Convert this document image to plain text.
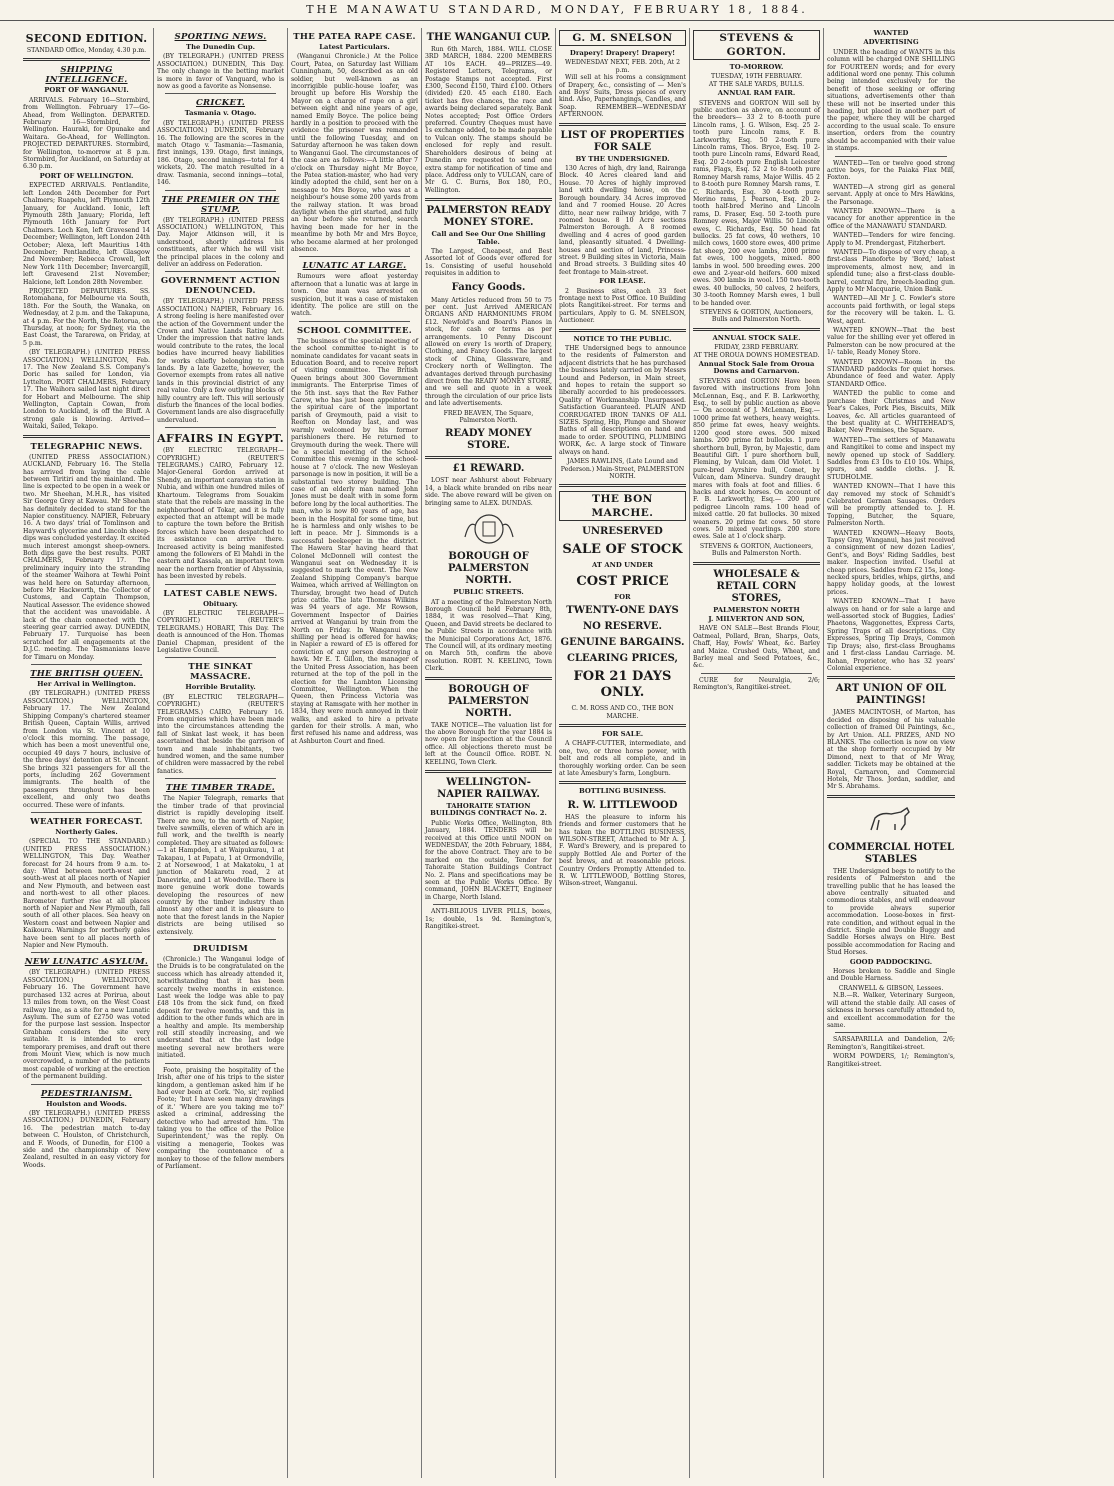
THE MANAWATU STANDARD, MONDAY, FEBRUARY 18, 1884.
SECOND EDITION.
STANDARD Office, Monday, 4.30 p.m.
SHIPPING INTELLIGENCE.
PORT OF WANGANUI.

ARRIVALS. February 16—Stormbird, from Wellington. February 17—Go-Ahead, from Wellington. DEPARTED. February 16—Stormbird, for Wellington. Hauraki, for Opunake and Waitara. Go-Ahead, for Wellington. PROJECTED DEPARTURES. Stormbird, for Wellington, to-morrow at 8 p.m. Stormbird, for Auckland, on Saturday at 6.30 p.m.

PORT OF WELLINGTON.

EXPECTED ARRIVALS. Pentlandite, left London 24th December for Port Chalmers; Ruapehu, left Plymouth 12th January, for Auckland. Ionic, left Plymouth 28th January; Florida, left Plymouth 16th January for Port Chalmers. Loch Ken, left Gravesend 14 December; Wellington, left London 24th October; Alexa, left Mauritius 14th December; Pentlandite, left Glasgow 2nd November; Rebecca Crowell, left New York 11th December; Invercargill, left Gravesend 21st November; Halcione, left London 28th November.

PROJECTED DEPARTURES. SS. Rotomahana, for Melbourne via South, 18th. For the South, the Wanaka, on Wednesday, at 2 p.m. and the Takapuna, at 4 p.m. For the North, the Rotorua, on Thursday, at noon; for Sydney, via the East Coast, the Tararewa, on Friday, at 5 p.m.

(BY TELEGRAPH.) (UNITED PRESS ASSOCIATION.) WELLINGTON, Feb. 17. The New Zealand S.S. Company's Doric has sailed for London, via Lyttelton. PORT CHALMERS, February 17. The Waihora sailed last night direct for Hobart and Melbourne. The ship Wellington, Captain Cowan, from London to Auckland, is off the Bluff. A strong gale is blowing. Arrived—Waitaki, Sailed, Tekapo.

TELEGRAPHIC NEWS.

(UNITED PRESS ASSOCIATION.) AUCKLAND, February 16. The Stella has arrived from laying the cable between Tiritiri and the mainland. The line is expected to be open in a week or two. Mr Sheehan, M.H.R., has visited Sir George Grey at Kawau. Mr Sheehan has definitely decided to stand for the Napier constituency. NAPIER, February 16. A two days' trial of Tomlinson and Hayward's glycerine and Lincoln sheep-dips was concluded yesterday. It excited much interest amongst sheep-owners. Both dips gave the best results. PORT CHALMERS, February 17. The preliminary inquiry into the stranding of the steamer Waihora at Tewhi Point was held here on Saturday afternoon, before Mr Hackworth, the Collector of Customs, and Captain Thompson, Nautical Assessor. The evidence showed that the accident was unavoidable. A lack of the chain connected with the steering gear carried away. DUNEDIN, February 17. Turquoise has been scratched for all engagements at the D.J.C. meeting. The Tasmanians leave for Timaru on Monday.

THE BRITISH QUEEN.
Her Arrival in Wellington.

(BY TELEGRAPH.) (UNITED PRESS ASSOCIATION.) WELLINGTON, February 17. The New Zealand Shipping Company's chartered steamer British Queen, Captain Willis, arrived from London via St. Vincent at 10 o'clock this morning. The passage, which has been a most uneventful one, occupied 49 days 7 hours, inclusive of the three days' detention at St. Vincent. She brings 321 passengers for all the ports, including 262 Government immigrants. The health of the passengers throughout has been excellent, and only two deaths occurred. These were of infants.

WEATHER FORECAST.
Northerly Gales.

(SPECIAL TO THE STANDARD.) (UNITED PRESS ASSOCIATION.) WELLINGTON, This Day. Weather forecast for 24 hours from 9 a.m. to-day: Wind between north-west and south-west at all places north of Napier and New Plymouth, and between east and north-west to all other places. Barometer further rise at all places north of Napier and New Plymouth, fall south of all other places. Sea heavy on Western coast and between Napier and Kaikoura. Warnings for northerly gales have been sent to all places north of Napier and New Plymouth.

NEW LUNATIC ASYLUM.

(BY TELEGRAPH.) (UNITED PRESS ASSOCIATION.) WELLINGTON, February 16. The Government have purchased 132 acres at Porirua, about 13 miles from town, on the West Coast railway line, as a site for a new Lunatic Asylum. The sum of £2750 was voted for the purpose last session. Inspector Grabham considers the site very suitable. It is intended to erect temporary premises, and draft out there from Mount View, which is now much overcrowded, a number of the patients most capable of working at the erection of the permanent building.

PEDESTRIANISM.
Houlston and Woods.

(BY TELEGRAPH.) (UNITED PRESS ASSOCIATION.) DUNEDIN, February 16. The pedestrian match to-day between C. Houlston, of Christchurch, and F. Woods, of Dunedin, for £100 a side and the championship of New Zealand, resulted in an easy victory for Woods.

SPORTING NEWS.
The Dunedin Cup.

(BY TELEGRAPH.) (UNITED PRESS ASSOCIATION.) DUNEDIN, This Day. The only change in the betting market is more in favor of Vanguard, who is now as good a favorite as Nonsense.

CRICKET.
Tasmania v. Otago.

(BY TELEGRAPH.) (UNITED PRESS ASSOCIATION.) DUNEDIN, February 16. The following are the scores in the match Otago v. Tasmania:—Tasmania, first innings, 139. Otago, first innings, 186. Otago, second innings—total for 4 wickets, 20. The match resulted in a draw. Tasmania, second innings—total, 146.

THE PREMIER ON THE STUMP.

(BY TELEGRAPH.) (UNITED PRESS ASSOCIATION.) WELLINGTON, This Day. Major Atkinson will, it is understood, shortly address his constituents, after which he will visit the principal places in the colony and deliver an address on Federation.

GOVERNMENT ACTION DENOUNCED.

(BY TELEGRAPH.) (UNITED PRESS ASSOCIATION.) NAPIER, February 16. A strong feeling is here manifested over the action of the Government under the Crown and Native Lands Rating Act. Under the impression that native lands would contribute to the rates, the local bodies have incurred heavy liabilities for works chiefly belonging to such lands. By a late Gazette, however, the Governor exempts from rates all native lands in this provincial district of any real value. Only a few outlying blocks of hilly country are left. This will seriously disturb the finances of the local bodies. Government lands are also disgracefully undervalued.

AFFAIRS IN EGYPT.

(BY ELECTRIC TELEGRAPH—COPYRIGHT.) (REUTER'S TELEGRAMS.) CAIRO, February 12. Major-General Gordon arrived at Shendy, an important caravan station in Nubia, and within one hundred miles of Khartoum. Telegrams from Souakim state that the rebels are massing in the neighbourhood of Tokar, and it is fully expected that an attempt will be made to capture the town before the British forces which have been despatched to its assistance can arrive there. Increased activity is being manifested among the followers of El Mahdi in the eastern and Kassala, an important town near the northern frontier of Abyssinia, has been invested by rebels.

LATEST CABLE NEWS.
Obituary.

(BY ELECTRIC TELEGRAPH—COPYRIGHT.) (REUTER'S TELEGRAMS.) HOBART, This Day. The death is announced of the Hon. Thomas Daniel Chapman, president of the Legislative Council.

THE SINKAT MASSACRE.
Horrible Brutality.

(BY ELECTRIC TELEGRAPH—COPYRIGHT.) (REUTER'S TELEGRAMS.) CAIRO, February 16. From enquiries which have been made into the circumstances attending the fall of Sinkat last week, it has been ascertained that beside the garrison of town and male inhabitants, two hundred women, and the same number of children were massacred by the rebel fanatics.

THE TIMBER TRADE.

The Napier Telegraph, remarks that the timber trade of that provincial district is rapidly developing itself. There are now, to the north of Napier, twelve sawmills, eleven of which are in full work, and the twelfth is nearly completed. They are situated as follows:—1 at Hampden, 1 at Waipukurau, 1 at Takapau, 1 at Papatu, 1 at Ormondville, 2 at Norsewood, 1 at Makatoku, 1 at junction of Makaretu road, 2 at Danevirke, and 1 at Woodville. There is more genuine work done towards developing the resources of new country by the timber industry than almost any other and it is pleasure to note that the forest lands in the Napier districts are being utilised so extensively.

DRUIDISM

(Chronicle.) The Wanganui lodge of the Druids is to be congratulated on the success which has already attended it, notwithstanding that it has been scarcely twelve months in existence. Last week the lodge was able to pay £48 10s from the sick fund, on fixed deposit for twelve months, and this in addition to the other funds which are in a healthy and ample. Its membership roll still steadily increasing, and we understand that at the last lodge meeting several new brothers were initiated.

Foote, praising the hospitality of the Irish, after one of his trips to the sister kingdom, a gentleman asked him if he had ever been at Cork. 'No, sir,' replied Foote; 'but I have seen many drawings of it.' 'Where are you taking me to?' asked a criminal, addressing the detective who had arrested him. 'I'm taking you to the office of the Police Superintendent,' was the reply. On visiting a menagerie, Tookes was comparing the countenance of a monkey to those of the fellow members of Parliament.

THE PATEA RAPE CASE.
Latest Particulars.

(Wanganui Chronicle.) At the Police Court, Patea, on Saturday last William Cunningham, 50, described as an old soldier, but well-known as an incorrigible public-house loafer, was brought up before His Worship the Mayor on a charge of rape on a girl between eight and nine years of age, named Emily Boyce. The police being hardly in a position to proceed with the evidence the prisoner was remanded until the following Tuesday, and on Saturday afternoon he was taken down to Wanganui Gaol. The circumstances of the case are as follows:—A little after 7 o'clock on Thursday night Mr Boyce, the Patea station-master, who had very kindly adopted the child, sent her on a message to Mrs Boyce, who was at a neighbour's house some 200 yards from the railway station. It was broad daylight when the girl started, and fully an hour before she returned, search having been made for her in the meantime by both Mr and Mrs Boyce, who became alarmed at her prolonged absence.

LUNATIC AT LARGE.

Rumours were afloat yesterday afternoon that a lunatic was at large in town. One man was arrested on suspicion, but it was a case of mistaken identity. The police are still on the watch.

SCHOOL COMMITTEE.

The business of the special meeting of the school committee to-night is to nominate candidates for vacant seats in Education Board, and to receive report of visiting committee. The British Queen brings about 300 Government immigrants. The Enterprise Times of the 5th inst. says that the Rev Father Carew, who has just been appointed to the spiritual care of the important parish of Greymouth, paid a visit to Reefton on Monday last, and was warmly welcomed by his former parishioners there. He returned to Greymouth during the week. There will be a special meeting of the School Committee this evening in the school-house at 7 o'clock. The new Wesleyan parsonage is now in position, it will be a substantial two storey building. The case of an elderly man named John Jones must be dealt with in some form before long by the local authorities. The man, who is now 80 years of age, has been in the Hospital for some time, but he is harmless and only wishes to be left in peace. Mr J. Simmonds is a successful beekeeper in the district. The Hawera Star having heard that Colonel McDonnell will contest the Wanganui seat on Wednesday it is suggested to mark the event. The New Zealand Shipping Company's barque Waimea, which arrived at Wellington on Thursday, brought two head of Dutch prize cattle. The late Thomas Wilkins was 94 years of age. Mr Rowson, Government Inspector of Dairies arrived at Wanganui by train from the North on Friday. In Wanganui one shilling per head is offered for hawks; in Napier a reward of £5 is offered for conviction of any person destroying a hawk. Mr E. T. Gillon, the manager of the United Press Association, has been returned at the top of the poll in the election for the Lambton Licensing Committee, Wellington. When the Queen, then Princess Victoria was staying at Ramsgate with her mother in 1834, they were much annoyed in their walks, and asked to hire a private garden for their strolls. A man, who first refused his name and address, was at Ashburton Court and fined.

THE WANGANUI CUP.

Run 6th March, 1884. WILL CLOSE 3RD MARCH, 1884. 2200 MEMBERS AT 10s EACH. 49—PRIZES—49. Registered Letters, Telegrams, or Postage Stamps not accepted. First £300, Second £150, Third £100. Others (divided) £20. 45 each £180. Each ticket has five chances, the race and awards being declared separately. Bank Notes accepted; Post Office Orders preferred. Country Cheques must have 1s exchange added, to be made payable to Vulcan only. The stamps should be enclosed for reply and result. Shareholders desirous of being at Dunedin are requested to send one extra stamp for notification of time and place. Address only to VULCAN, care of Mr G. C. Burns, Box 180, P.O., Wellington.

PALMERSTON READY MONEY STORE.
Call and See Our One Shilling Table.

The Largest, Cheapest, and Best Assorted lot of Goods ever offered for 1s. Consisting of useful household requisites in addition to

Fancy Goods.

Many Articles reduced from 50 to 75 per cent. Just Arrived AMERICAN ORGANS AND HARMONIUMS FROM £12. Newfold's and Board's Pianos in stock, for cash or terms as per arrangements. 10 Penny Discount allowed on every 1s worth of Drapery, Clothing, and Fancy Goods. The largest stock of China, Glassware, and Crockery north of Wellington. The advantages derived through purchasing direct from the READY MONEY STORE, and we sell and quote in a week through the circulation of our price lists and late advertisements.

FRED BEAVEN, The Square, Palmerston North.
READY MONEY STORE.
£1 REWARD.

LOST near Ashhurst about February 14, a black white branded on ribs near side. The above reward will be given on bringing same to ALEX. DUNDAS.

BOROUGH OF PALMERSTON NORTH.
PUBLIC STREETS.

AT a meeting of the Palmerston North Borough Council held February 8th, 1884, it was resolved—That King, Queen, and David streets be declared to be Public Streets in accordance with the Municipal Corporations Act, 1876. The Council will, at its ordinary meeting on March 5th, confirm the above resolution. ROBT. N. KEELING, Town Clerk.

BOROUGH OF PALMERSTON NORTH.

TAKE NOTICE—The valuation list for the above Borough for the year 1884 is now open for inspection at the Council office. All objections thereto must be left at the Council Office. ROBT. N. KEELING, Town Clerk.

WELLINGTON-NAPIER RAILWAY.
TAHORAITE STATION BUILDINGS CONTRACT No. 2.

Public Works Office, Wellington, 8th January, 1884. TENDERS will be received at this Office until NOON on WEDNESDAY, the 20th February, 1884, for the above Contract. They are to be marked on the outside, Tender for Tahoraite Station Buildings Contract No. 2. Plans and specifications may be seen at the Public Works Office. By command, JOHN BLACKETT, Engineer in Charge, North Island.

ANTI-BILIOUS LIVER PILLS, boxes, 1s; double, 1s 9d. Remington's, Rangitikei-street.

G. M. SNELSON
Drapery! Drapery! Drapery!
WEDNESDAY NEXT, FEB. 20th, At 2 p.m.

Will sell at his rooms a consignment of Drapery, &c., consisting of — Men's and Boys' Suits, Dress pieces of every kind. Also, Paperhangings, Candles, and Soap. REMEMBER—WEDNESDAY AFTERNOON.

LIST OF PROPERTIES FOR SALE
BY THE UNDERSIGNED.

130 Acres of high, dry land, Rairanga Block. 40 Acres cleared land and House. 70 Acres of highly improved land with dwelling house, on the Borough boundary. 34 Acres improved land and 7 roomed House. 20 Acres ditto, near new railway bridge, with 7 roomed house. 8 10 Acre sections Palmerston Borough. A 8 roomed dwelling and 4 acres of good garden land, pleasantly situated. 4 Dwelling-houses and section of land, Princess-street. 9 Building sites in Victoria, Main and Broad streets. 3 Building sites 40 feet frontage to Main-street.

FOR LEASE.

2 Business sites, each 33 feet frontage next to Post Office. 10 Building plots Rangitikei-street. For terms and particulars, Apply to G. M. SNELSON, Auctioneer.

NOTICE TO THE PUBLIC.

THE Undersigned begs to announce to the residents of Palmerston and adjacent districts that he has purchased the business lately carried on by Messrs Lound and Pederson, in Main street, and hopes to retain the support so liberally accorded to his predecessors. Quality of Workmanship Unsurpassed. Satisfaction Guaranteed. PLAIN AND CORRUGATED IRON TANKS OF ALL SIZES. Spring, Hip, Plunge and Shower Baths of all descriptions on hand and made to order. SPOUTING, PLUMBING WORK, &c. A large stock of Tinware always on hand.

JAMES RAWLINS, (Late Lound and Pederson.) Main-Street, PALMERSTON NORTH.
THE BON MARCHE.
UNRESERVED
SALE OF STOCK
AT AND UNDER
COST PRICE
FOR
TWENTY-ONE DAYS
NO RESERVE.
GENUINE BARGAINS.
CLEARING PRICES,
FOR 21 DAYS ONLY.
C. M. ROSS AND CO., THE BON MARCHE.
FOR SALE.

A CHAFF-CUTTER, intermediate, and one, two, or three horse power, with belt and rods all complete, and in thoroughly working order. Can be seen at late Amesbury's farm, Longburn.

BOTTLING BUSINESS.
R. W. LITTLEWOOD

HAS the pleasure to inform his friends and former customers that he has taken the BOTTLING BUSINESS, WILSON-STREET, Attached to Mr A. J. F. Ward's Brewery, and is prepared to supply Bottled Ale and Porter of the best brews, and at reasonable prices. Country Orders Promptly Attended to. R. W. LITTLEWOOD, Bottling Stores, Wilson-street, Wanganui.

STEVENS & GORTON.
TO-MORROW.
TUESDAY, 19TH FEBRUARY.
AT THE SALE YARDS, BULLS.
ANNUAL RAM FAIR.

STEVENS and GORTON Will sell by public auction as above, on account of the breeders— 33 2 to 8-tooth pure Lincoln rams, J. G. Wilson, Esq. 25 2-tooth pure Lincoln rams, F. B. Larkworthy, Esq. 50 2-tooth pure Lincoln rams, Thos. Bryce, Esq. 10 2-tooth pure Lincoln rams, Edward Read, Esq. 20 2-tooth pure English Leicester rams, Flags, Esq. 52 2 to 8-tooth pure Romney Marsh rams, Major Willis. 45 2 to 8-tooth pure Romney Marsh rams, T. C. Richards, Esq. 30 4-tooth pure Merino rams, J. Pearson, Esq. 20 2-tooth half-bred Merino and Lincoln rams, D. Fraser, Esq. 50 2-tooth pure Romney ewes, Major Willis. 50 Lincoln ewes, C. Richards, Esq. 50 head fat bullocks. 25 fat cows, 40 wethers, 10 milch cows, 1600 store ewes, 400 prime fat sheep, 200 ewe lambs, 2000 prime fat ewes, 100 hoggets, mixed. 800 lambs in wool. 500 breeding ewes. 200 ewe and 2-year-old heifers. 600 mixed ewes. 300 lambs in wool. 150 two-tooth ewes. 40 bullocks, 50 calves, 2 heifers, 30 3-tooth Romney Marsh ewes, 1 bull to be handed over.

STEVENS & GORTON, Auctioneers, Bulls and Palmerston North.
ANNUAL STOCK SALE.
FRIDAY, 23RD FEBRUARY.
AT THE OROUA DOWNS HOMESTEAD.
Annual Stock Sale from Oroua Downs and Carnarvon.

STEVENS and GORTON Have been favored with instructions from John McLennan, Esq., and F. B. Larkworthy, Esq., to sell by public auction as above— On account of J. McLennan, Esq.— 1000 prime fat wethers, heavy weights. 850 prime fat ewes, heavy weights. 1200 good store ewes. 500 mixed lambs. 200 prime fat bullocks. 1 pure shorthorn bull, Byron, by Majestic, dam Beautiful Gift. 1 pure shorthorn bull, Fleming, by Vulcan, dam Old Violet. 1 pure-bred Ayrshire bull, Comet, by Vulcan, dam Minerva. Sundry draught mares with foals at foot and fillies. 6 hacks and stock horses. On account of F. B. Larkworthy, Esq.— 200 pure pedigree Lincoln rams. 100 head of mixed cattle. 20 fat bullocks. 30 mixed weaners. 20 prime fat cows. 50 store cows. 50 mixed yearlings. 200 store ewes. Sale at 1 o'clock sharp.

STEVENS & GORTON, Auctioneers, Bulls and Palmerston North.
WHOLESALE & RETAIL CORN STORES,
PALMERSTON NORTH
J. MILVERTON AND SON,

HAVE ON SALE—Best Brands Flour, Oatmeal, Pollard, Bran, Sharps, Oats, Chaff, Hay, Fowls' Wheat, &c. Barley and Maize. Crushed Oats, Wheat, and Barley meal and Seed Potatoes, &c., &c.

CURE for Neuralgia, 2/6; Remington's, Rangitikei-street.

WANTED
ADVERTISING

UNDER the heading of WANTS in this column will be charged ONE SHILLING for FOURTEEN words; and for every additional word one penny. This column being intended exclusively for the benefit of those seeking or offering situations, advertisements other than these will not be inserted under this heading, but placed in another part of the paper, where they will be charged according to the usual scale. To ensure insertion, orders from the country should be accompanied with their value in stamps.

WANTED—Ten or twelve good strong active boys, for the Paiaka Flax Mill, Foxton.

WANTED—A strong girl as general servant. Apply at once to Mrs Hawkins, the Parsonage.

WANTED KNOWN—There is a vacancy for another apprentice in the office of the MANAWATU STANDARD.

WANTED—Tenders for wire fencing. Apply to M. Prendergast, Fitzherbert.

WANTED—To dispose of very cheap, a first-class Pianoforte by 'Bord,' latest improvements, almost new, and in splendid tune; also a first-class double-barrel, central fire, breech-loading gun. Apply to Mr Macquarie, Union Bank.

WANTED—All Mr J. C. Fowler's store accounts paid forthwith, or legal steps for the recovery will be taken. L. G. West, agent.

WANTED KNOWN—That the best value for the shilling ever yet offered in Palmerston can be now procured at the 1/- table, Ready Money Store.

WANTED KNOWN—Room in the STANDARD paddocks for quiet horses. Abundance of feed and water. Apply STANDARD Office.

WANTED the public to come and purchase their Christmas and New Year's Cakes, Pork Pies, Biscuits, Milk Loaves, &c. All articles guaranteed of the best quality at C. WHITEHEAD'S, Baker, New Premises, the Square.

WANTED—The settlers of Manawatu and Rangitikei to come and inspect my newly opened up stock of Saddlery. Saddles from £3 10s to £10 10s. Whips, spurs, and saddle cloths. J. R. STUDHOLME.

WANTED KNOWN—That I have this day removed my stock of Schmidt's Celebrated German Sausages. Orders will be promptly attended to. J. H. Topping, Butcher, the Square, Palmerston North.

WANTED KNOWN—Heavy Boots, Tapsy Gray, Wanganui, has just received a consignment of new dozen Ladies', Gent's, and Boys' Riding Saddles, best maker. Inspection invited. Useful at cheap prices. Saddles from £2 15s, long-necked spurs, bridles, whips, girths, and happy holiday goods, at the lowest prices.

WANTED KNOWN—That I have always on hand or for sale a large and well-assorted stock of Buggies, Ladies' Phaetons, Waggonettes, Express Carts, Spring Traps of all descriptions. City Expresses, Spring Tip Drays, Common Tip Drays; also, first-class Broughams and 1 first-class Landau Carriage. M. Rohan, Proprietor, who has 32 years' Colonial experience.

ART UNION OF OIL PAINTINGS!

JAMES MACINTOSH, of Marton, has decided on disposing of his valuable collection of framed Oil Paintings, &c., by Art Union. ALL PRIZES, AND NO BLANKS. The collection is now on view at the shop formerly occupied by Mr Dimond, next to that of Mr Wray, saddler. Tickets may be obtained at the Royal, Carnarvon, and Commercial Hotels, Mr Thos. Jordan, saddler, and Mr S. Abrahams.

COMMERCIAL HOTEL STABLES

THE Undersigned begs to notify to the residents of Palmerston and the travelling public that he has leased the above centrally situated and commodious stables, and will endeavour to provide always superior accommodation. Loose-boxes in first-rate condition, and without equal in the district. Single and Double Buggy and Saddle Horses always on Hire. Best possible accommodation for Racing and Stud Horses.

GOOD PADDOCKING.

Horses broken to Saddle and Single and Double Harness.

CRANWELL & GIBSON, Lessees.

N.B.—R. Walker, Veterinary Surgeon, will attend the stable daily. All cases of sickness in horses carefully attended to, and excellent accommodation for the same.

SARSAPARILLA and Dandelion, 2/6; Remington's, Rangitikei-street.

WORM POWDERS, 1/; Remington's, Rangitikei-street.
